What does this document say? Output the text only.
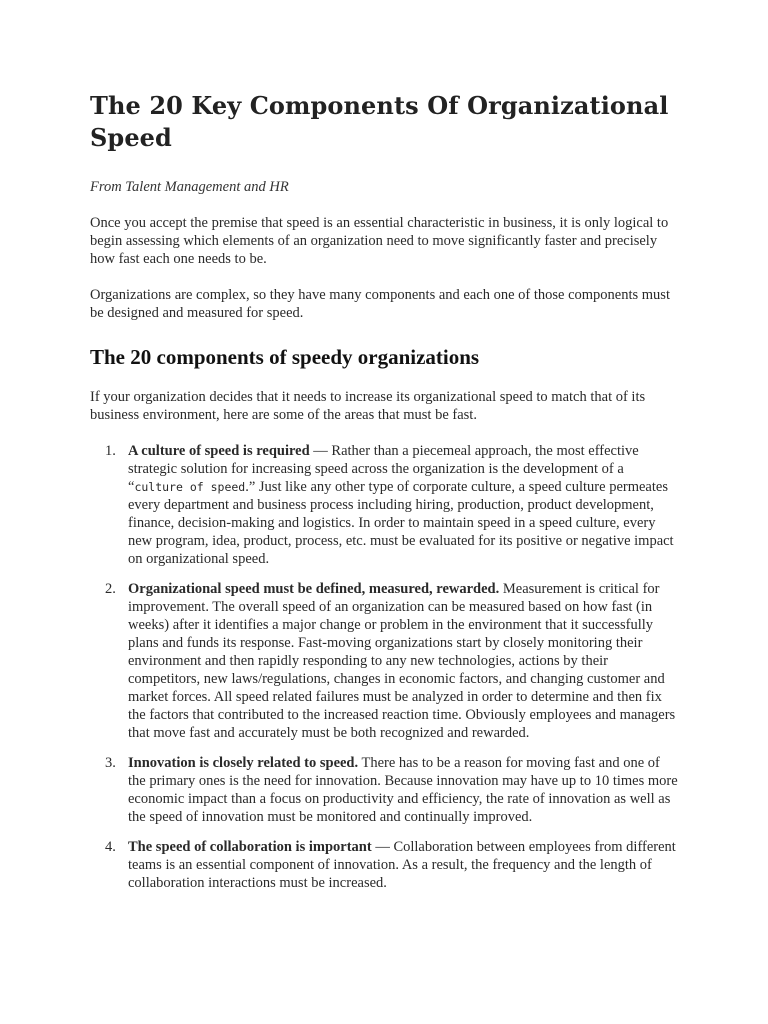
The 20 Key Components Of Organizational Speed
From Talent Management and HR

Once you accept the premise that speed is an essential characteristic in business, it is only logical to begin assessing which elements of an organization need to move significantly faster and precisely how fast each one needs to be.

Organizations are complex, so they have many components and each one of those components must be designed and measured for speed.

The 20 components of speedy organizations

If your organization decides that it needs to increase its organizational speed to match that of its business environment, here are some of the areas that must be fast.

1. A culture of speed is required — Rather than a piecemeal approach, the most effective strategic solution for increasing speed across the organization is the development of a “culture of speed.” Just like any other type of corporate culture, a speed culture permeates every department and business process including hiring, production, product development, finance, decision-making and logistics. In order to maintain speed in a speed culture, every new program, idea, product, process, etc. must be evaluated for its positive or negative impact on organizational speed.
2. Organizational speed must be defined, measured, rewarded. Measurement is critical for improvement. The overall speed of an organization can be measured based on how fast (in weeks) after it identifies a major change or problem in the environment that it successfully plans and funds its response. Fast-moving organizations start by closely monitoring their environment and then rapidly responding to any new technologies, actions by their competitors, new laws/regulations, changes in economic factors, and changing customer and market forces. All speed related failures must be analyzed in order to determine and then fix the factors that contributed to the increased reaction time. Obviously employees and managers that move fast and accurately must be both recognized and rewarded.
3. Innovation is closely related to speed. There has to be a reason for moving fast and one of the primary ones is the need for innovation. Because innovation may have up to 10 times more economic impact than a focus on productivity and efficiency, the rate of innovation as well as the speed of innovation must be monitored and continually improved.
4. The speed of collaboration is important — Collaboration between employees from different teams is an essential component of innovation. As a result, the frequency and the length of collaboration interactions must be increased.
